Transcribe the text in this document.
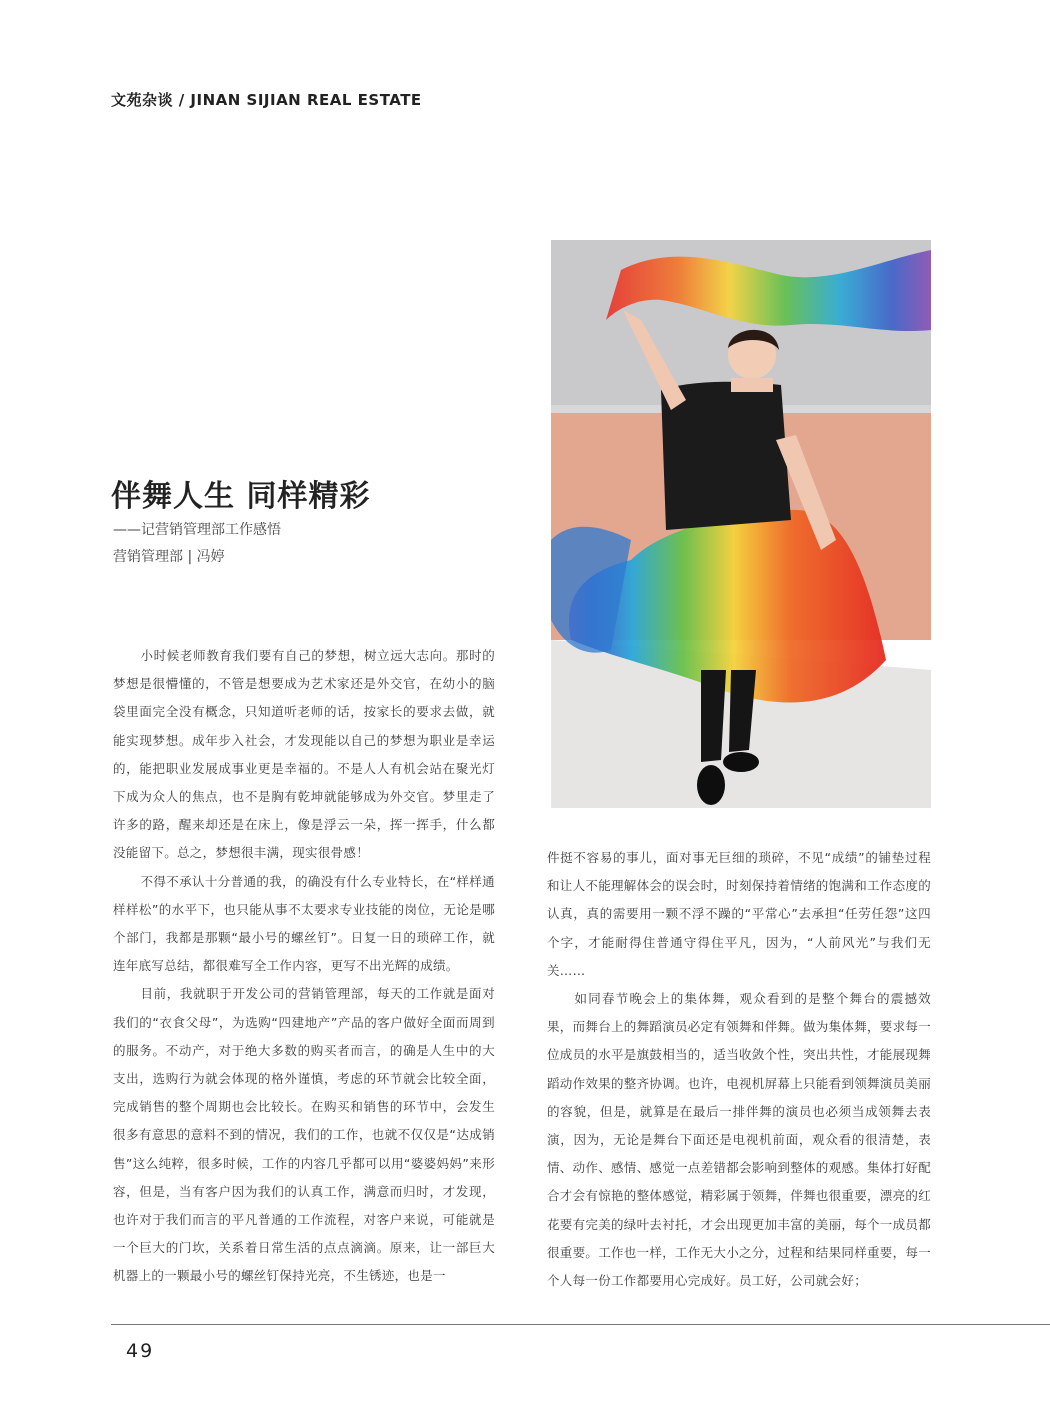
文苑杂谈 / JINAN SIJIAN REAL ESTATE
伴舞人生 同样精彩
——记营销管理部工作感悟
营销管理部 | 冯婷

小时候老师教育我们要有自己的梦想，树立远大志向。那时的梦想是很懵懂的，不管是想要成为艺术家还是外交官，在幼小的脑袋里面完全没有概念，只知道听老师的话，按家长的要求去做，就能实现梦想。成年步入社会，才发现能以自己的梦想为职业是幸运的，能把职业发展成事业更是幸福的。不是人人有机会站在聚光灯下成为众人的焦点，也不是胸有乾坤就能够成为外交官。梦里走了许多的路，醒来却还是在床上，像是浮云一朵，挥一挥手，什么都没能留下。总之，梦想很丰满，现实很骨感！

不得不承认十分普通的我，的确没有什么专业特长，在“样样通样样松”的水平下，也只能从事不太要求专业技能的岗位，无论是哪个部门，我都是那颗“最小号的螺丝钉”。日复一日的琐碎工作，就连年底写总结，都很难写全工作内容，更写不出光辉的成绩。

目前，我就职于开发公司的营销管理部，每天的工作就是面对我们的“衣食父母”，为选购“四建地产”产品的客户做好全面而周到的服务。不动产，对于绝大多数的购买者而言，的确是人生中的大支出，选购行为就会体现的格外谨慎，考虑的环节就会比较全面，完成销售的整个周期也会比较长。在购买和销售的环节中，会发生很多有意思的意料不到的情况，我们的工作，也就不仅仅是“达成销售”这么纯粹，很多时候，工作的内容几乎都可以用“婆婆妈妈”来形容，但是，当有客户因为我们的认真工作，满意而归时，才发现，也许对于我们而言的平凡普通的工作流程，对客户来说，可能就是一个巨大的门坎，关系着日常生活的点点滴滴。原来，让一部巨大机器上的一颗最小号的螺丝钉保持光亮，不生锈迹，也是一

件挺不容易的事儿，面对事无巨细的琐碎，不见“成绩”的铺垫过程和让人不能理解体会的误会时，时刻保持着情绪的饱满和工作态度的认真，真的需要用一颗不浮不躁的“平常心”去承担“任劳任怨”这四个字，才能耐得住普通守得住平凡，因为，“人前风光”与我们无关……

如同春节晚会上的集体舞，观众看到的是整个舞台的震撼效果，而舞台上的舞蹈演员必定有领舞和伴舞。做为集体舞，要求每一位成员的水平是旗鼓相当的，适当收敛个性，突出共性，才能展现舞蹈动作效果的整齐协调。也许，电视机屏幕上只能看到领舞演员美丽的容貌，但是，就算是在最后一排伴舞的演员也必须当成领舞去表演，因为，无论是舞台下面还是电视机前面，观众看的很清楚，表情、动作、感情、感觉一点差错都会影响到整体的观感。集体打好配合才会有惊艳的整体感觉，精彩属于领舞，伴舞也很重要，漂亮的红花要有完美的绿叶去衬托，才会出现更加丰富的美丽，每个一成员都很重要。工作也一样，工作无大小之分，过程和结果同样重要，每一个人每一份工作都要用心完成好。员工好，公司就会好；

49
